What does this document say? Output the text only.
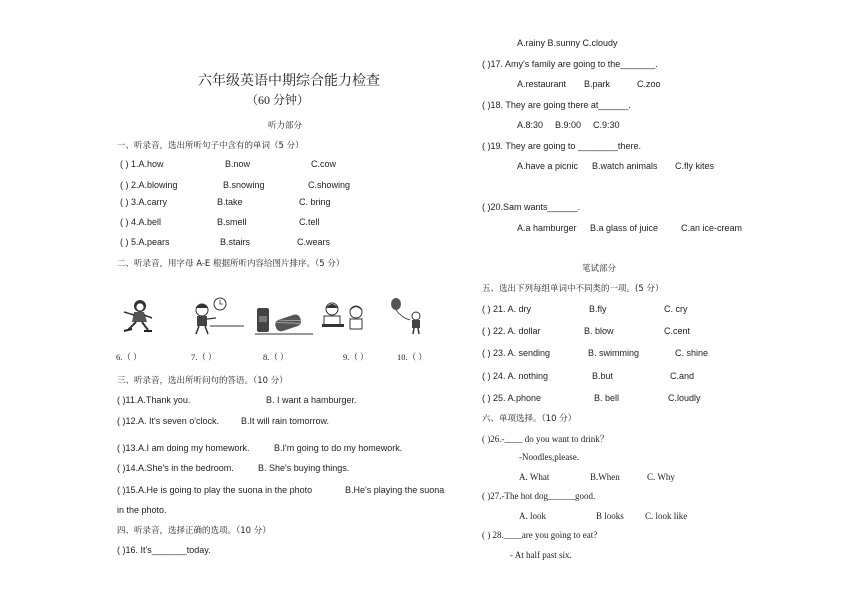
六年级英语中期综合能力检查
（60 分钟）
听力部分
一、听录音，选出所听句子中含有的单词（5 分）
( ) 1.A.how	B.now	C.cow
( ) 2.A.blowing	B.snowing	C.showing
( ) 3.A.carry	B.take	C. bring
( ) 4.A.bell	B.smell	C.tell
( ) 5.A.pears	B.stairs	C.wears
二、听录音，用字母 A-E 根据所听内容给图片排序。（5 分）
6.（ ）	7.（ ）	8.（ ）	9.（ ）	10.（ ）
三、听录音，选出所听问句的答语。（10 分）
( )11.A.Thank you.	B. I want a hamburger.
( )12.A. It's seven o'clock. B.It will rain tomorrow.
( )13.A.I am doing my homework.	B.I'm going to do my homework.
( )14.A.She's in the bedroom.	B. She's buying things.
( )15.A.He is going to play the suona in the photo	B.He's playing the suona
in the photo.
四、听录音，选择正确的选项。（10 分）
( )16. It's_______today.
A.rainy B.sunny C.cloudy
( )17. Amy's family are going to the_______.
A.restaurant B.park	C.zoo
( )18. They are going there at______.
A.8:30 B.9:00 C.9:30
( )19. They are going to ________there.
A.have a picnic B.watch animals C.fly kites
( )20.Sam wants______.
A.a hamburger B.a glass of juice	C.an ice-cream
笔试部分
五、选出下列每组单词中不同类的一项。(5 分）
( ) 21. A. dry	B.fly	C. cry
( ) 22. A. dollar	B. blow	C.cent
( ) 23. A. sending	B. swimming	C. shine
( ) 24. A. nothing	B.but	C.and
( ) 25. A.phone	B. bell	C.loudly
六、单项选择。（10 分）
( )26.-____ do you want to drink？
-Noodles,please.
A. What	B.When	C. Why
( )27.-The hot dog______good.
A. look	B looks C. look like
( ) 28.____are you going to eat?
- At half past six.
